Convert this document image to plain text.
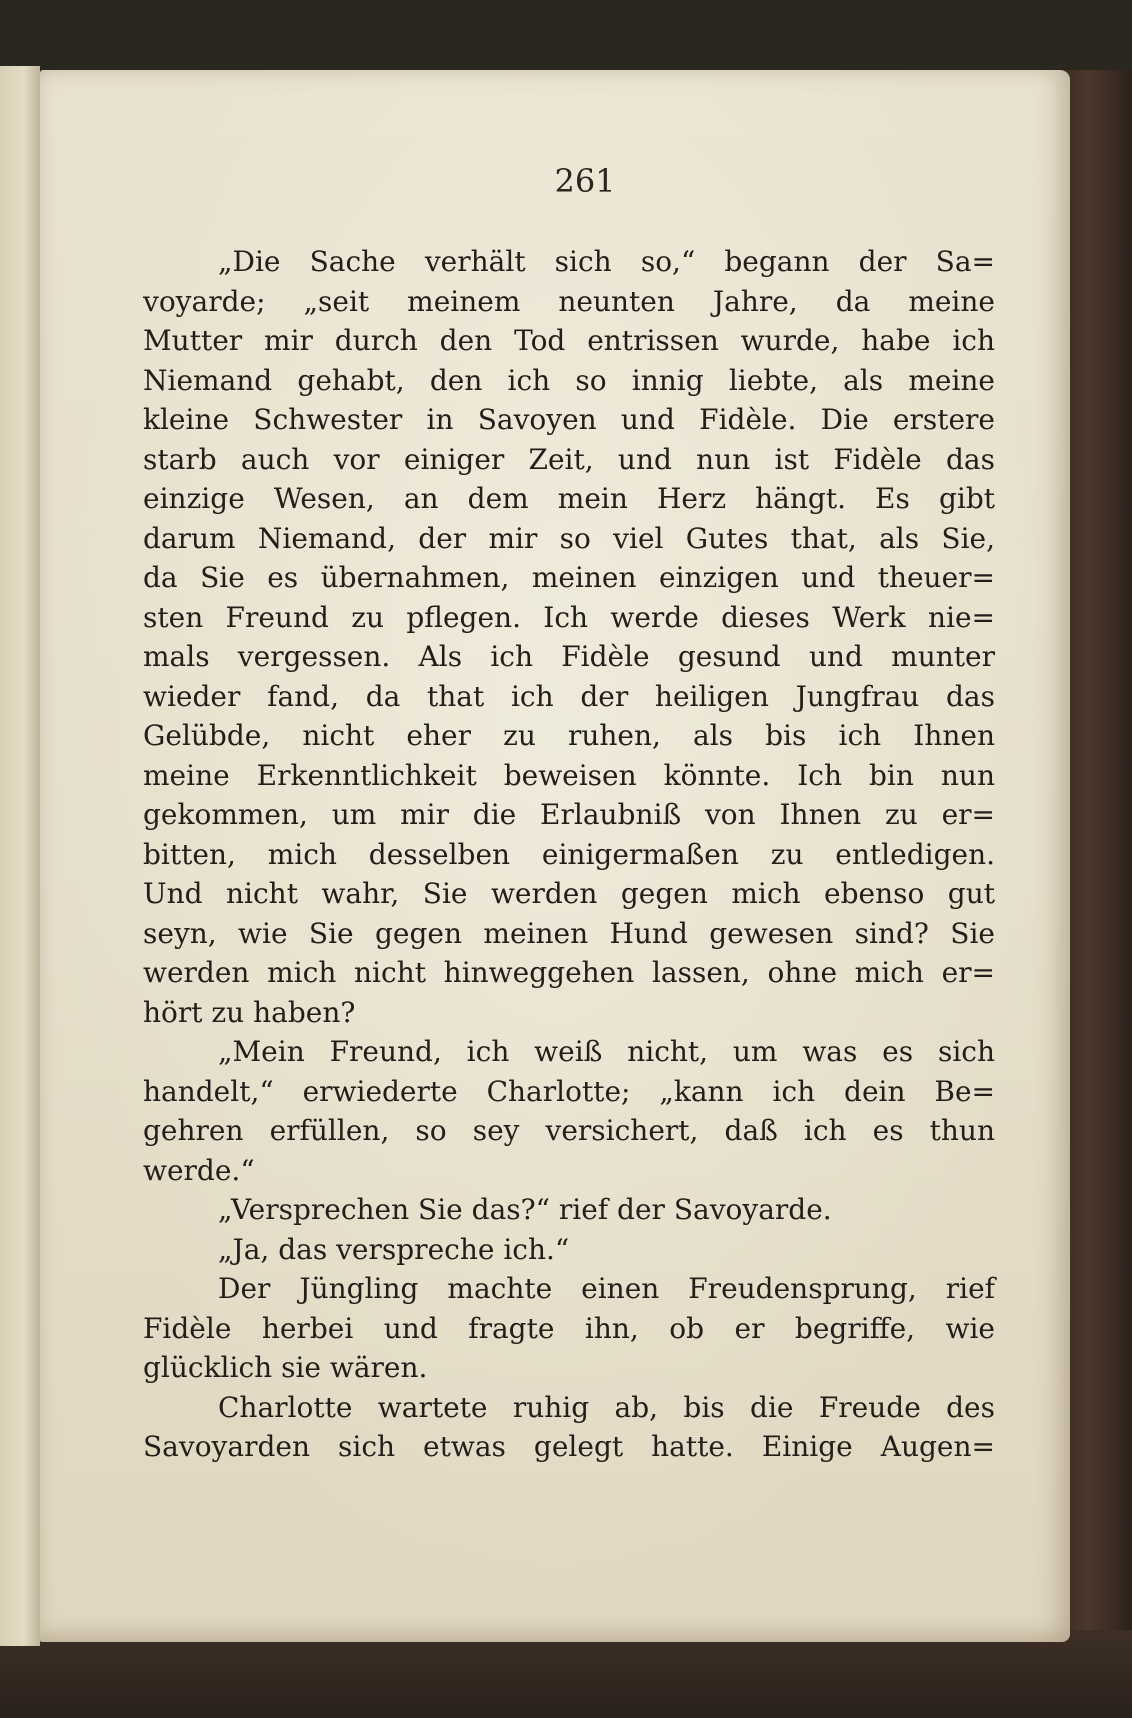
261
„Die Sache verhält sich so,“ begann der Sa=
voyarde; „seit meinem neunten Jahre, da meine
Mutter mir durch den Tod entrissen wurde, habe ich
Niemand gehabt, den ich so innig liebte, als meine
kleine Schwester in Savoyen und Fidèle. Die erstere
starb auch vor einiger Zeit, und nun ist Fidèle das
einzige Wesen, an dem mein Herz hängt. Es gibt
darum Niemand, der mir so viel Gutes that, als Sie,
da Sie es übernahmen, meinen einzigen und theuer=
sten Freund zu pflegen. Ich werde dieses Werk nie=
mals vergessen. Als ich Fidèle gesund und munter
wieder fand, da that ich der heiligen Jungfrau das
Gelübde, nicht eher zu ruhen, als bis ich Ihnen
meine Erkenntlichkeit beweisen könnte. Ich bin nun
gekommen, um mir die Erlaubniß von Ihnen zu er=
bitten, mich desselben einigermaßen zu entledigen.
Und nicht wahr, Sie werden gegen mich ebenso gut
seyn, wie Sie gegen meinen Hund gewesen sind? Sie
werden mich nicht hinweggehen lassen, ohne mich er=
hört zu haben?
„Mein Freund, ich weiß nicht, um was es sich
handelt,“ erwiederte Charlotte; „kann ich dein Be=
gehren erfüllen, so sey versichert, daß ich es thun
werde.“
„Versprechen Sie das?“ rief der Savoyarde.
„Ja, das verspreche ich.“
Der Jüngling machte einen Freudensprung, rief
Fidèle herbei und fragte ihn, ob er begriffe, wie
glücklich sie wären.
Charlotte wartete ruhig ab, bis die Freude des
Savoyarden sich etwas gelegt hatte. Einige Augen=
